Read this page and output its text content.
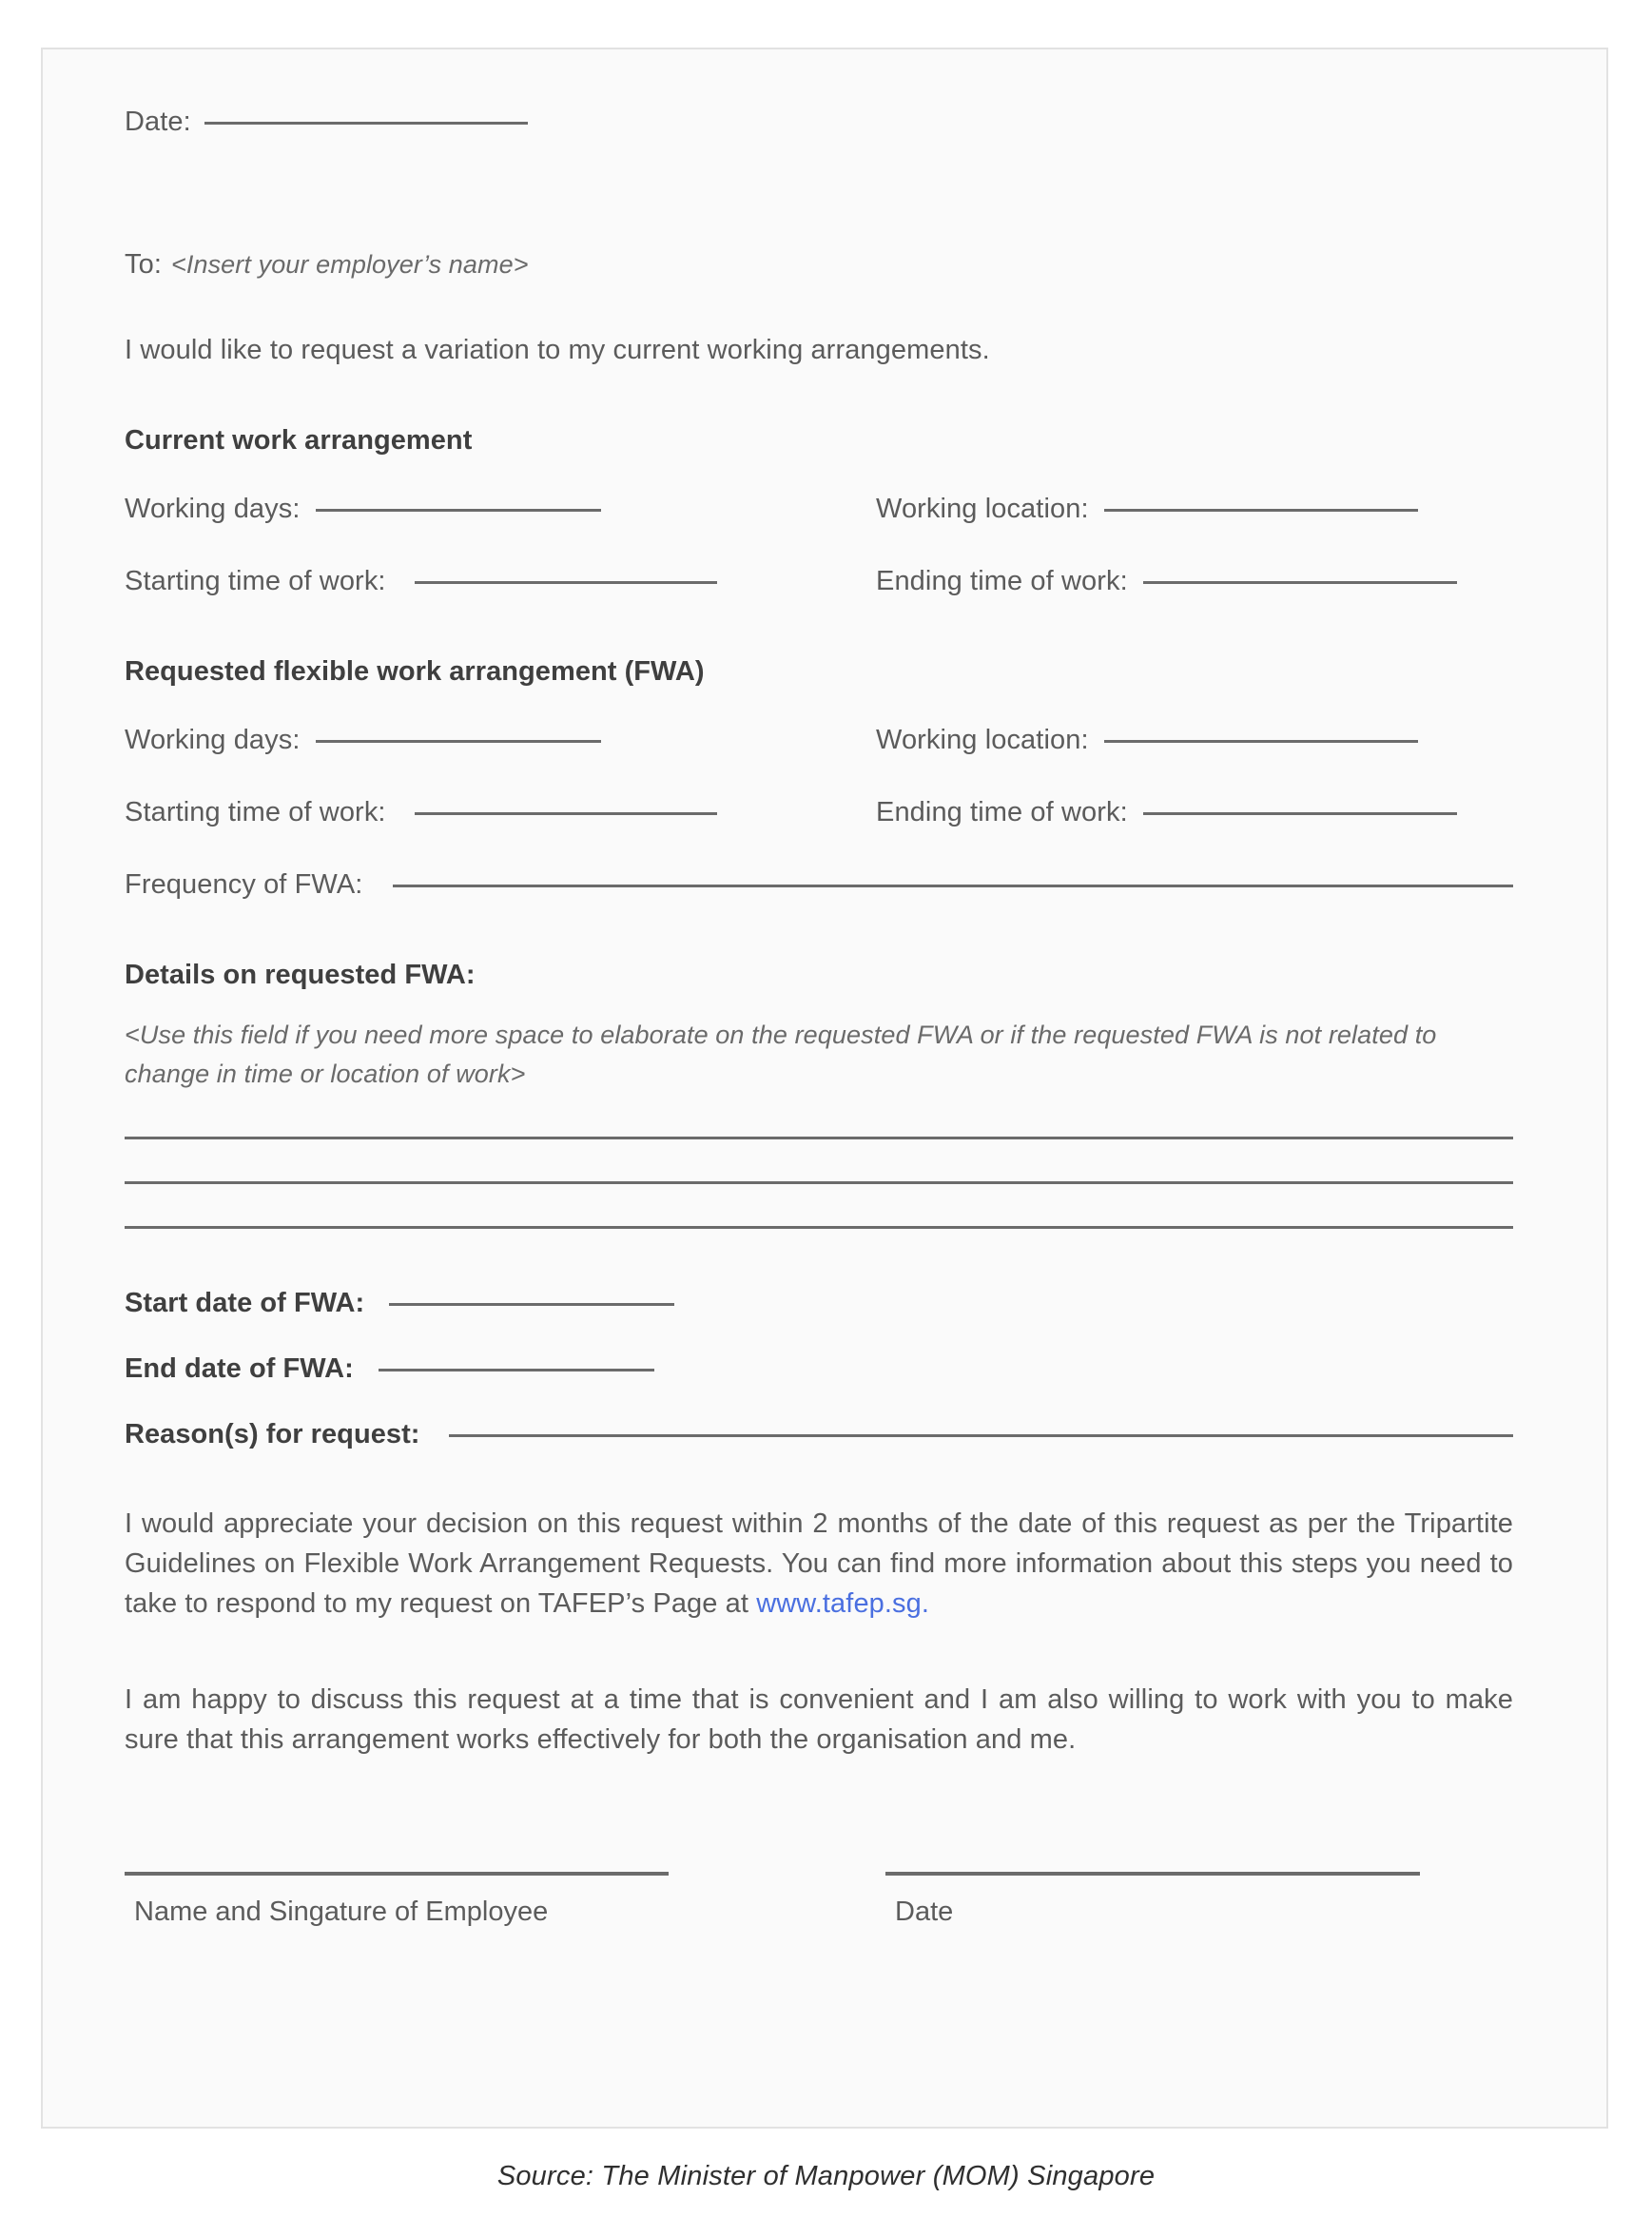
Date:
To: <Insert your employer’s name>
I would like to request a variation to my current working arrangements.
Current work arrangement
Working days:	Working location:
Starting time of work:	Ending time of work:
Requested flexible work arrangement (FWA)
Working days:	Working location:
Starting time of work:	Ending time of work:
Frequency of FWA:
Details on requested FWA:
<Use this field if you need more space to elaborate on the requested FWA or if the requested FWA is not related to change in time or location of work>
Start date of FWA:
End date of FWA:
Reason(s) for request:

I would appreciate your decision on this request within 2 months of the date of this request as per the Tripartite Guidelines on Flexible Work Arrangement Requests. You can find more information about this steps you need to take to respond to my request on TAFEP’s Page at www.tafep.sg.

I am happy to discuss this request at a time that is convenient and I am also willing to work with you to make sure that this arrangement works effectively for both the organisation and me.

Name and Singature of Employee	Date
Source: The Minister of Manpower (MOM) Singapore
